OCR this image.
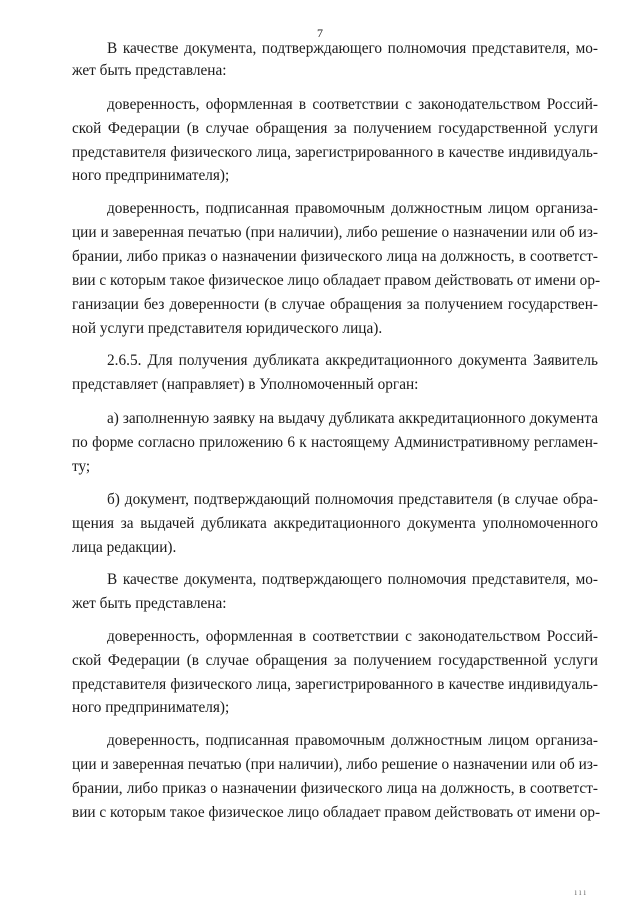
7
В качестве документа, подтверждающего полномочия представителя, мо-
жет быть представлена:
доверенность, оформленная в соответствии с законодательством Россий-
ской Федерации (в случае обращения за получением государственной услуги
представителя физического лица, зарегистрированного в качестве индивидуаль-
ного предпринимателя);
доверенность, подписанная правомочным должностным лицом организа-
ции и заверенная печатью (при наличии), либо решение о назначении или об из-
брании, либо приказ о назначении физического лица на должность, в соответст-
вии с которым такое физическое лицо обладает правом действовать от имени ор-
ганизации без доверенности (в случае обращения за получением государствен-
ной услуги представителя юридического лица).
2.6.5. Для получения дубликата аккредитационного документа Заявитель
представляет (направляет) в Уполномоченный орган:
а) заполненную заявку на выдачу дубликата аккредитационного документа
по форме согласно приложению 6 к настоящему Административному регламен-
ту;
б) документ, подтверждающий полномочия представителя (в случае обра-
щения за выдачей дубликата аккредитационного документа уполномоченного
лица редакции).
В качестве документа, подтверждающего полномочия представителя, мо-
жет быть представлена:
доверенность, оформленная в соответствии с законодательством Россий-
ской Федерации (в случае обращения за получением государственной услуги
представителя физического лица, зарегистрированного в качестве индивидуаль-
ного предпринимателя);
доверенность, подписанная правомочным должностным лицом организа-
ции и заверенная печатью (при наличии), либо решение о назначении или об из-
брании, либо приказ о назначении физического лица на должность, в соответст-
вии с которым такое физическое лицо обладает правом действовать от имени ор-
ııı
